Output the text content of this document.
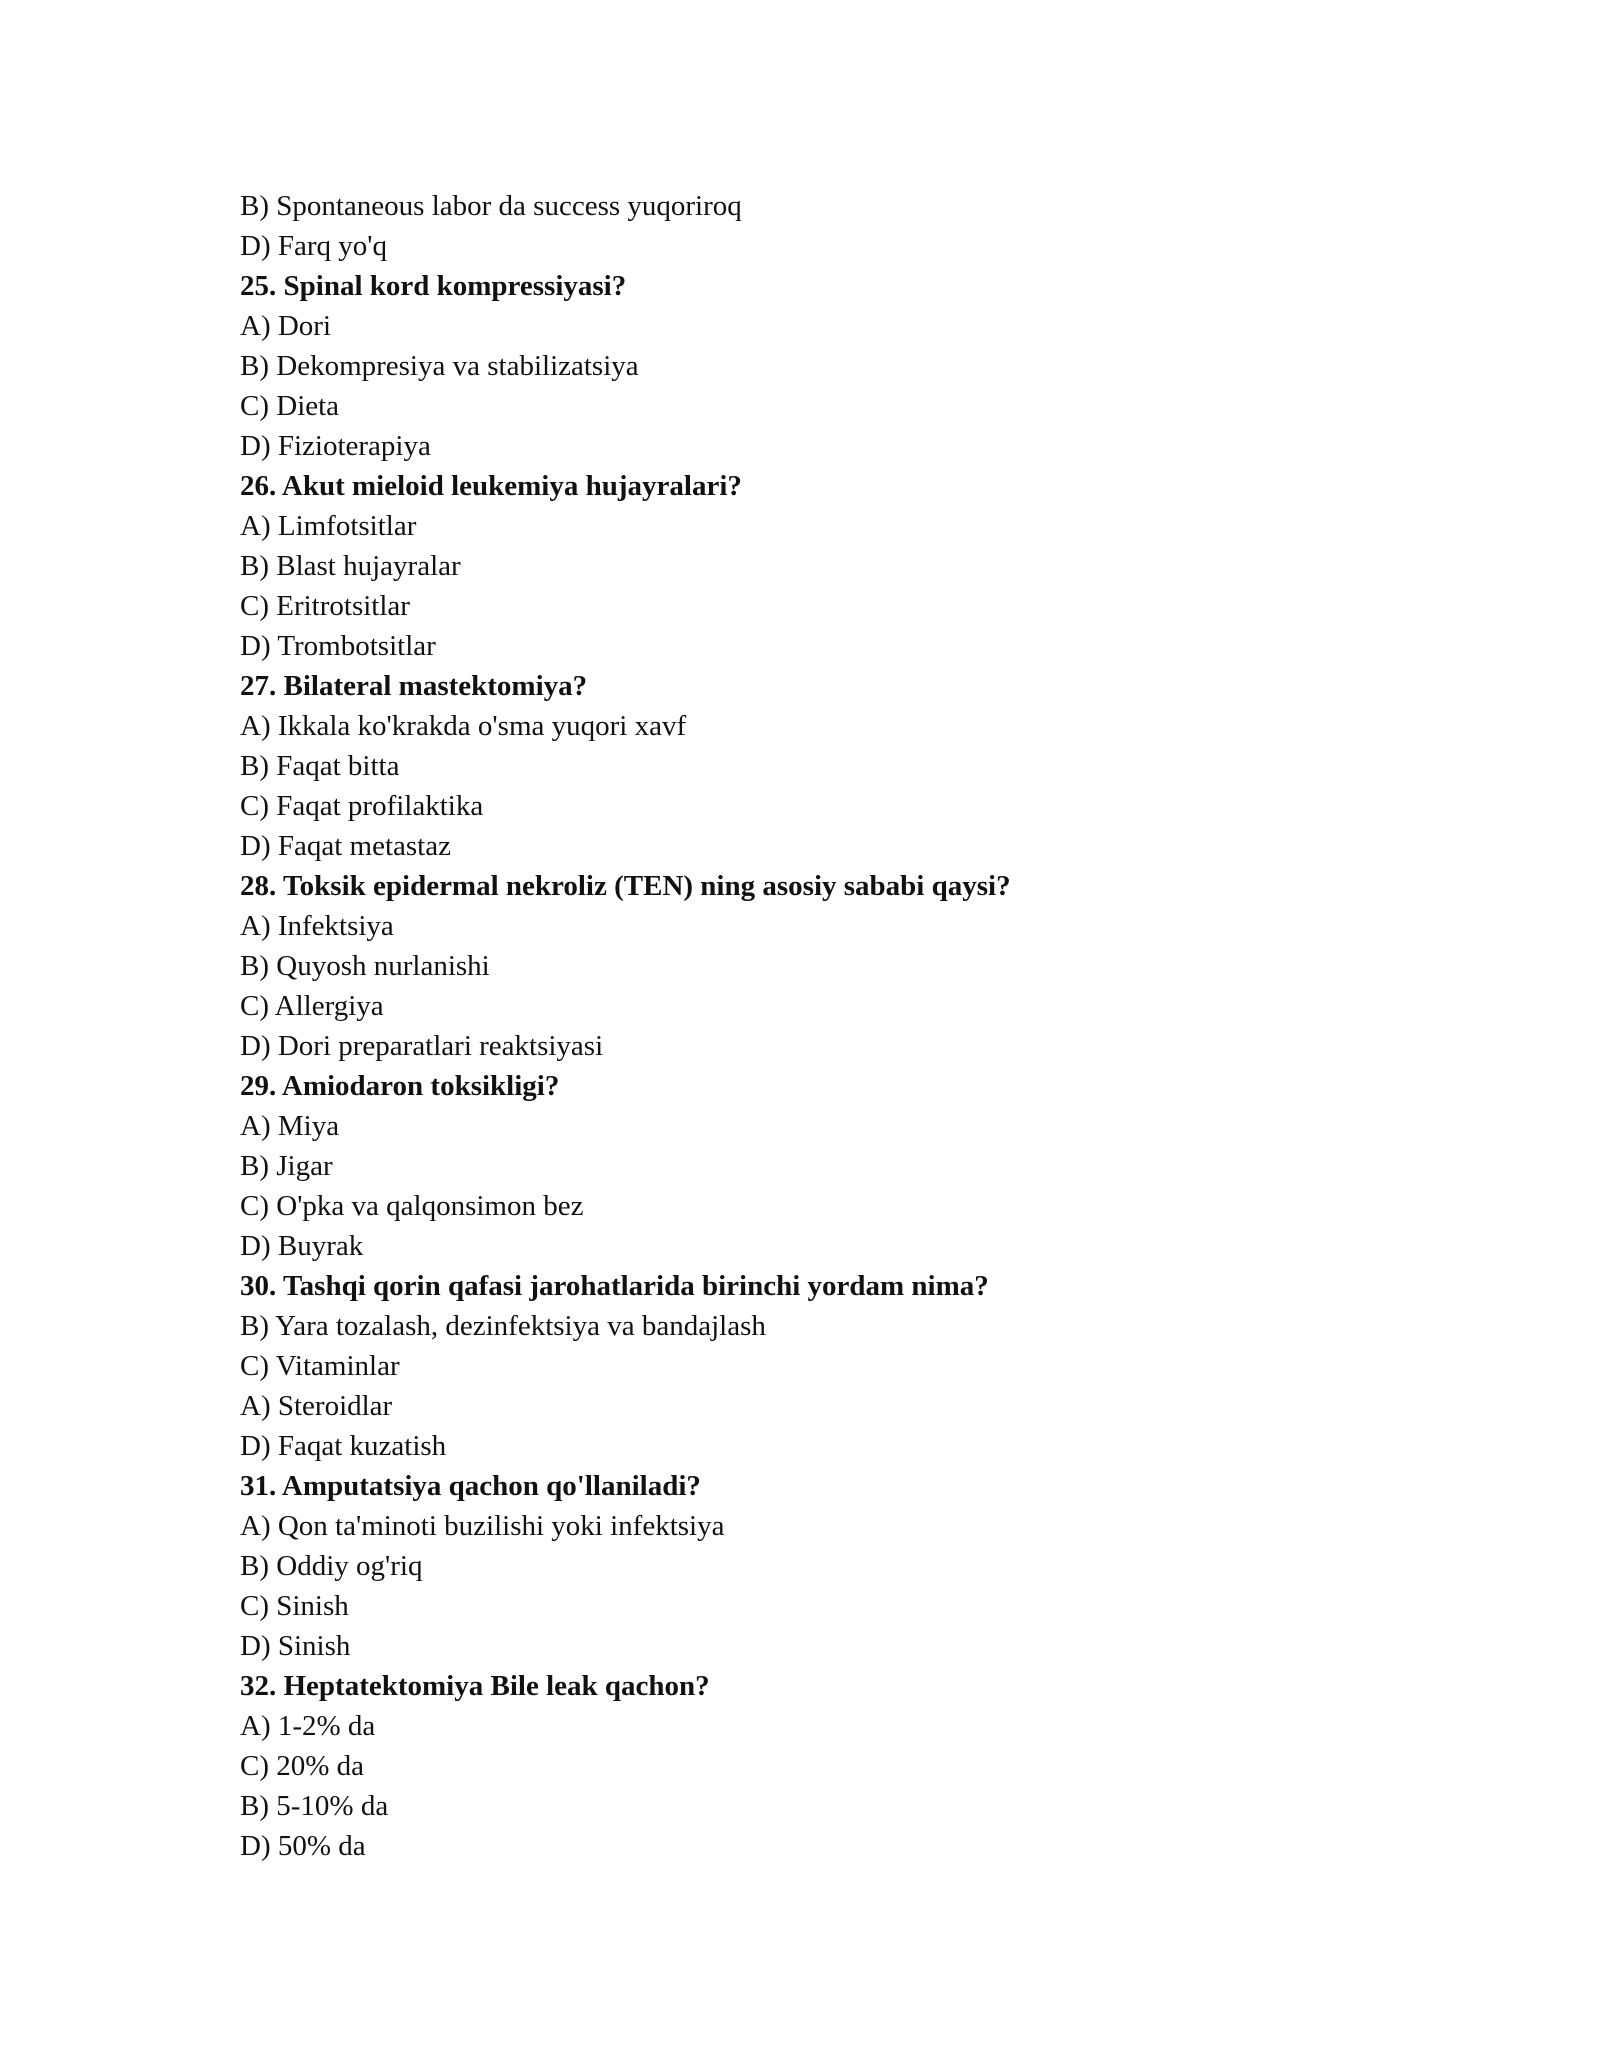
B) Spontaneous labor da success yuqoriroq

D) Farq yo'q

25. Spinal kord kompressiyasi?

A) Dori

B) Dekompresiya va stabilizatsiya

C) Dieta

D) Fizioterapiya

26. Akut mieloid leukemiya hujayralari?

A) Limfotsitlar

B) Blast hujayralar

C) Eritrotsitlar

D) Trombotsitlar

27. Bilateral mastektomiya?

A) Ikkala ko'krakda o'sma yuqori xavf

B) Faqat bitta

C) Faqat profilaktika

D) Faqat metastaz

28. Toksik epidermal nekroliz (TEN) ning asosiy sababi qaysi?

A) Infektsiya

B) Quyosh nurlanishi

C) Allergiya

D) Dori preparatlari reaktsiyasi

29. Amiodaron toksikligi?

A) Miya

B) Jigar

C) O'pka va qalqonsimon bez

D) Buyrak

30. Tashqi qorin qafasi jarohatlarida birinchi yordam nima?

B) Yara tozalash, dezinfektsiya va bandajlash

C) Vitaminlar

A) Steroidlar

D) Faqat kuzatish

31. Amputatsiya qachon qo'llaniladi?

A) Qon ta'minoti buzilishi yoki infektsiya

B) Oddiy og'riq

C) Sinish

D) Sinish

32. Heptatektomiya Bile leak qachon?

A) 1-2% da

C) 20% da

B) 5-10% da

D) 50% da
